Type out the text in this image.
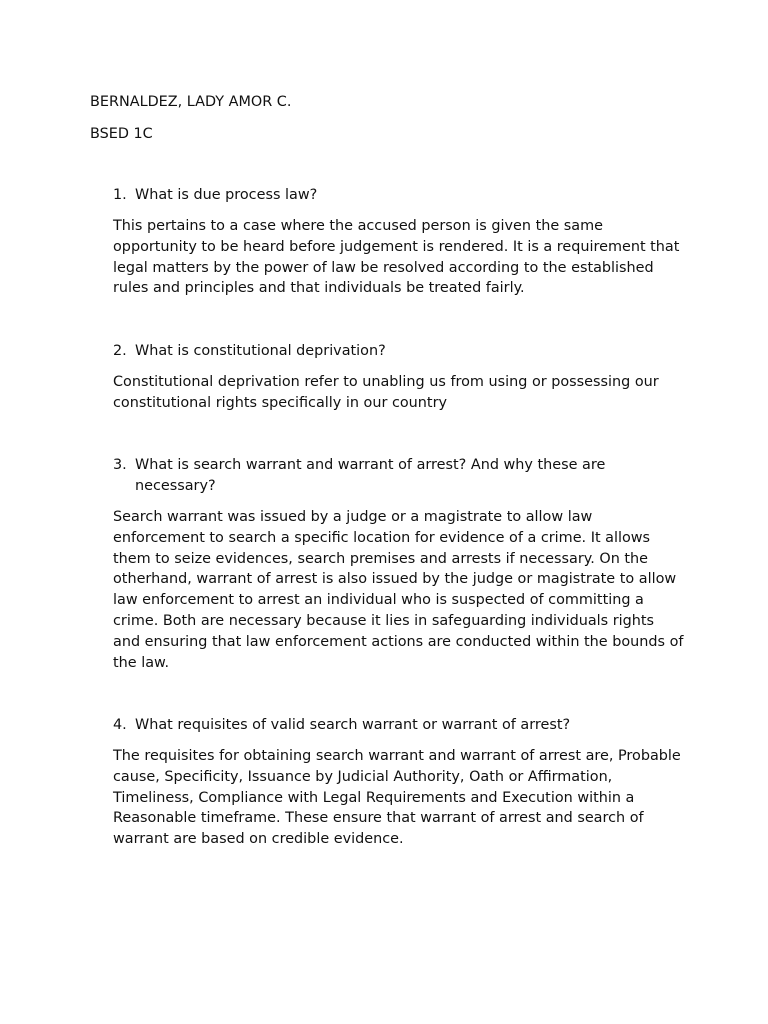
BERNALDEZ, LADY AMOR C.
BSED 1C
1. What is due process law?
This pertains to a case where the accused person is given the same opportunity to be heard before judgement is rendered. It is a requirement that legal matters by the power of law be resolved according to the established rules and principles and that individuals be treated fairly.
2. What is constitutional deprivation?
Constitutional deprivation refer to unabling us from using or possessing our constitutional rights specifically in our country
3. What is search warrant and warrant of arrest? And why these are necessary?
Search warrant was issued by a judge or a magistrate to allow law enforcement to search a specific location for evidence of a crime. It allows them to seize evidences, search premises and arrests if necessary. On the otherhand, warrant of arrest is also issued by the judge or magistrate to allow law enforcement to arrest an individual who is suspected of committing a crime. Both are necessary because it lies in safeguarding individuals rights and ensuring that law enforcement actions are conducted within the bounds of the law.
4. What requisites of valid search warrant or warrant of arrest?
The requisites for obtaining search warrant and warrant of arrest are, Probable cause, Specificity, Issuance by Judicial Authority, Oath or Affirmation, Timeliness, Compliance with Legal Requirements and Execution within a Reasonable timeframe. These ensure that warrant of arrest and search of warrant are based on credible evidence.
